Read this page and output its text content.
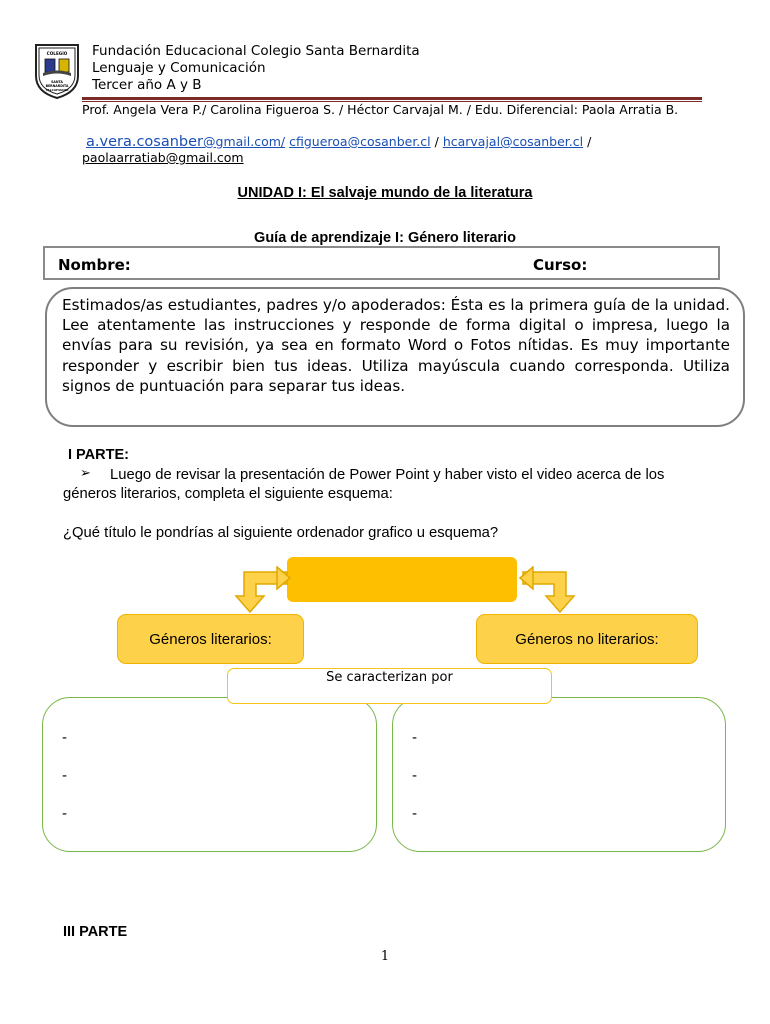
COLEGIO
SANTA
BERNARDITA
TALCAHUANO
Fundación Educacional Colegio Santa Bernardita
Lenguaje y Comunicación
Tercer año A y B
Prof. Angela Vera P./ Carolina Figueroa S. / Héctor Carvajal M. / Edu. Diferencial: Paola Arratia B.
a.vera.cosanber@gmail.com/ cfigueroa@cosanber.cl / hcarvajal@cosanber.cl /
paolaarratiab@gmail.com
UNIDAD I: El salvaje mundo de la literatura
Guía de aprendizaje I: Género literario
Nombre:	Curso:
Estimados/as estudiantes, padres y/o apoderados: Ésta es la primera guía de la unidad. Lee atentamente las instrucciones y responde de forma digital o impresa, luego la envías para su revisión, ya sea en formato Word o Fotos nítidas. Es muy importante responder y escribir bien tus ideas. Utiliza mayúscula cuando corresponda. Utiliza signos de puntuación para separar tus ideas.
I PARTE:
➢	Luego de revisar la presentación de Power Point y haber visto el video acerca de los géneros literarios, completa el siguiente esquema:
¿Qué título le pondrías al siguiente ordenador grafico u esquema?
Géneros literarios:	Géneros no literarios:
-
-
-
-
-
-
Se caracterizan por
III PARTE
1
